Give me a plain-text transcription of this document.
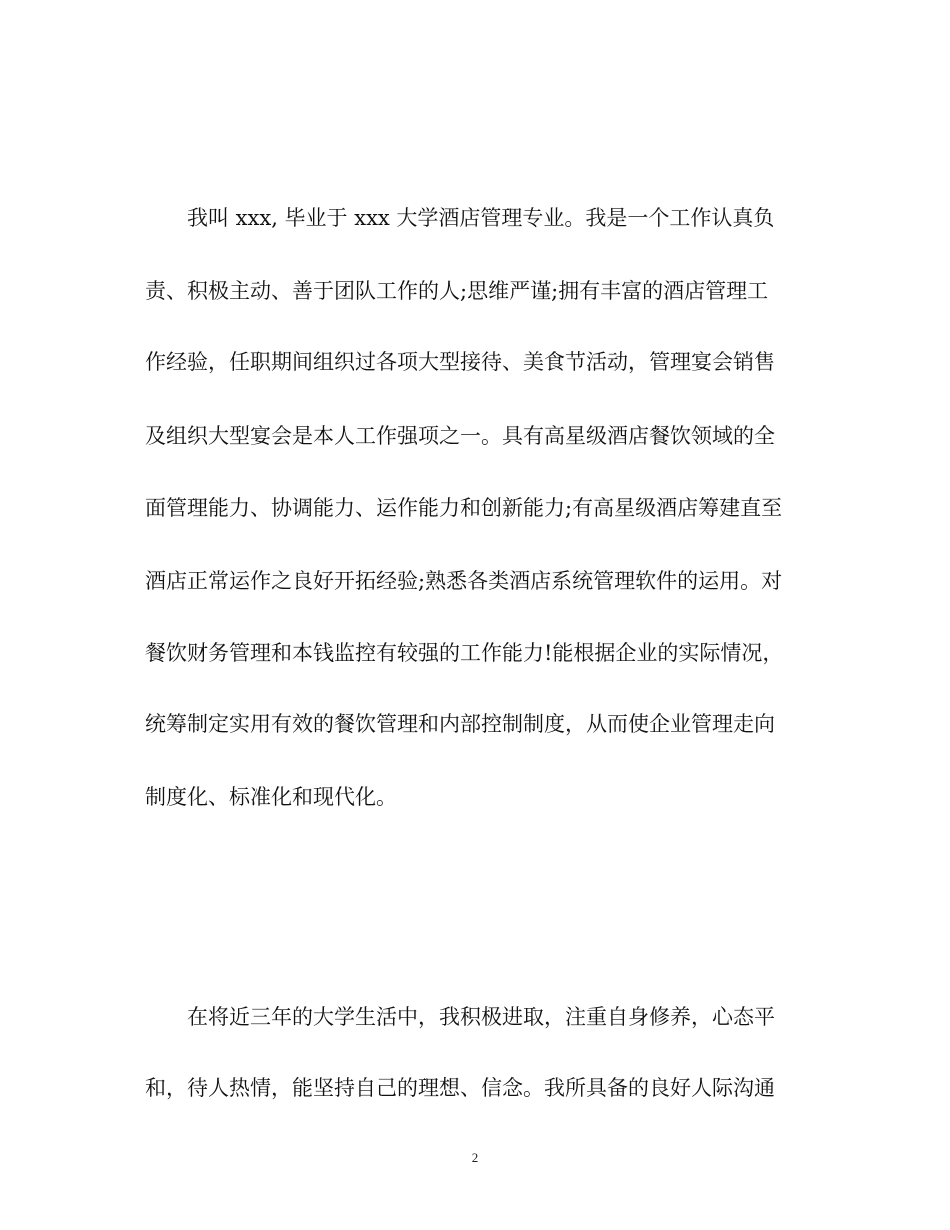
我叫 xxx, 毕业于 xxx 大学酒店管理专业。我是一个工作认真负
责、积极主动、善于团队工作的人;思维严谨;拥有丰富的酒店管理工
作经验，任职期间组织过各项大型接待、美食节活动，管理宴会销售
及组织大型宴会是本人工作强项之一。具有高星级酒店餐饮领域的全
面管理能力、协调能力、运作能力和创新能力;有高星级酒店筹建直至
酒店正常运作之良好开拓经验;熟悉各类酒店系统管理软件的运用。对
餐饮财务管理和本钱监控有较强的工作能力!能根据企业的实际情况，
统筹制定实用有效的餐饮管理和内部控制制度，从而使企业管理走向
制度化、标准化和现代化。
在将近三年的大学生活中，我积极进取，注重自身修养，心态平
和，待人热情，能坚持自己的理想、信念。我所具备的良好人际沟通
2
